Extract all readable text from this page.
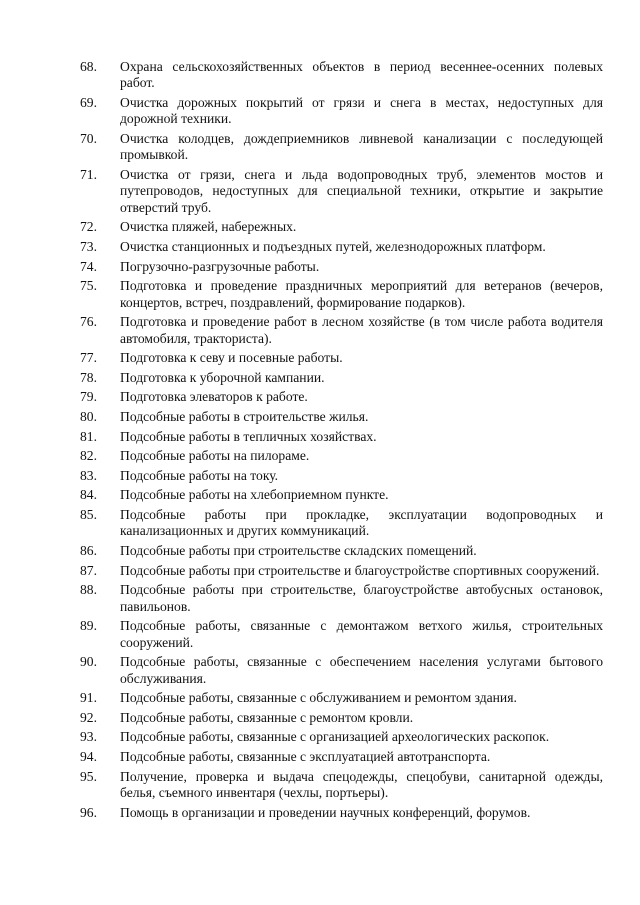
68.	Охрана сельскохозяйственных объектов в период весеннее-осенних полевых работ.
69.	Очистка дорожных покрытий от грязи и снега в местах, недоступных для дорожной техники.
70.	Очистка колодцев, дождеприемников ливневой канализации с последующей промывкой.
71.	Очистка от грязи, снега и льда водопроводных труб, элементов мостов и путепроводов, недоступных для специальной техники, открытие и закрытие отверстий труб.
72.	Очистка пляжей, набережных.
73.	Очистка станционных и подъездных путей, железнодорожных платформ.
74.	Погрузочно-разгрузочные работы.
75.	Подготовка и проведение праздничных мероприятий для ветеранов (вечеров, концертов, встреч, поздравлений, формирование подарков).
76.	Подготовка и проведение работ в лесном хозяйстве (в том числе работа водителя автомобиля, тракториста).
77.	Подготовка к севу и посевные работы.
78.	Подготовка к уборочной кампании.
79.	Подготовка элеваторов к работе.
80.	Подсобные работы в строительстве жилья.
81.	Подсобные работы в тепличных хозяйствах.
82.	Подсобные работы на пилораме.
83.	Подсобные работы на току.
84.	Подсобные работы на хлебоприемном пункте.
85.	Подсобные работы при прокладке, эксплуатации водопроводных и канализационных и других коммуникаций.
86.	Подсобные работы при строительстве складских помещений.
87.	Подсобные работы при строительстве и благоустройстве спортивных сооружений.
88.	Подсобные работы при строительстве, благоустройстве автобусных остановок, павильонов.
89.	Подсобные работы, связанные с демонтажом ветхого жилья, строительных сооружений.
90.	Подсобные работы, связанные с обеспечением населения услугами бытового обслуживания.
91.	Подсобные работы, связанные с обслуживанием и ремонтом здания.
92.	Подсобные работы, связанные с ремонтом кровли.
93.	Подсобные работы, связанные с организацией археологических раскопок.
94.	Подсобные работы, связанные с эксплуатацией автотранспорта.
95.	Получение, проверка и выдача спецодежды, спецобуви, санитарной одежды, белья, съемного инвентаря (чехлы, портьеры).
96.	Помощь в организации и проведении научных конференций, форумов.
